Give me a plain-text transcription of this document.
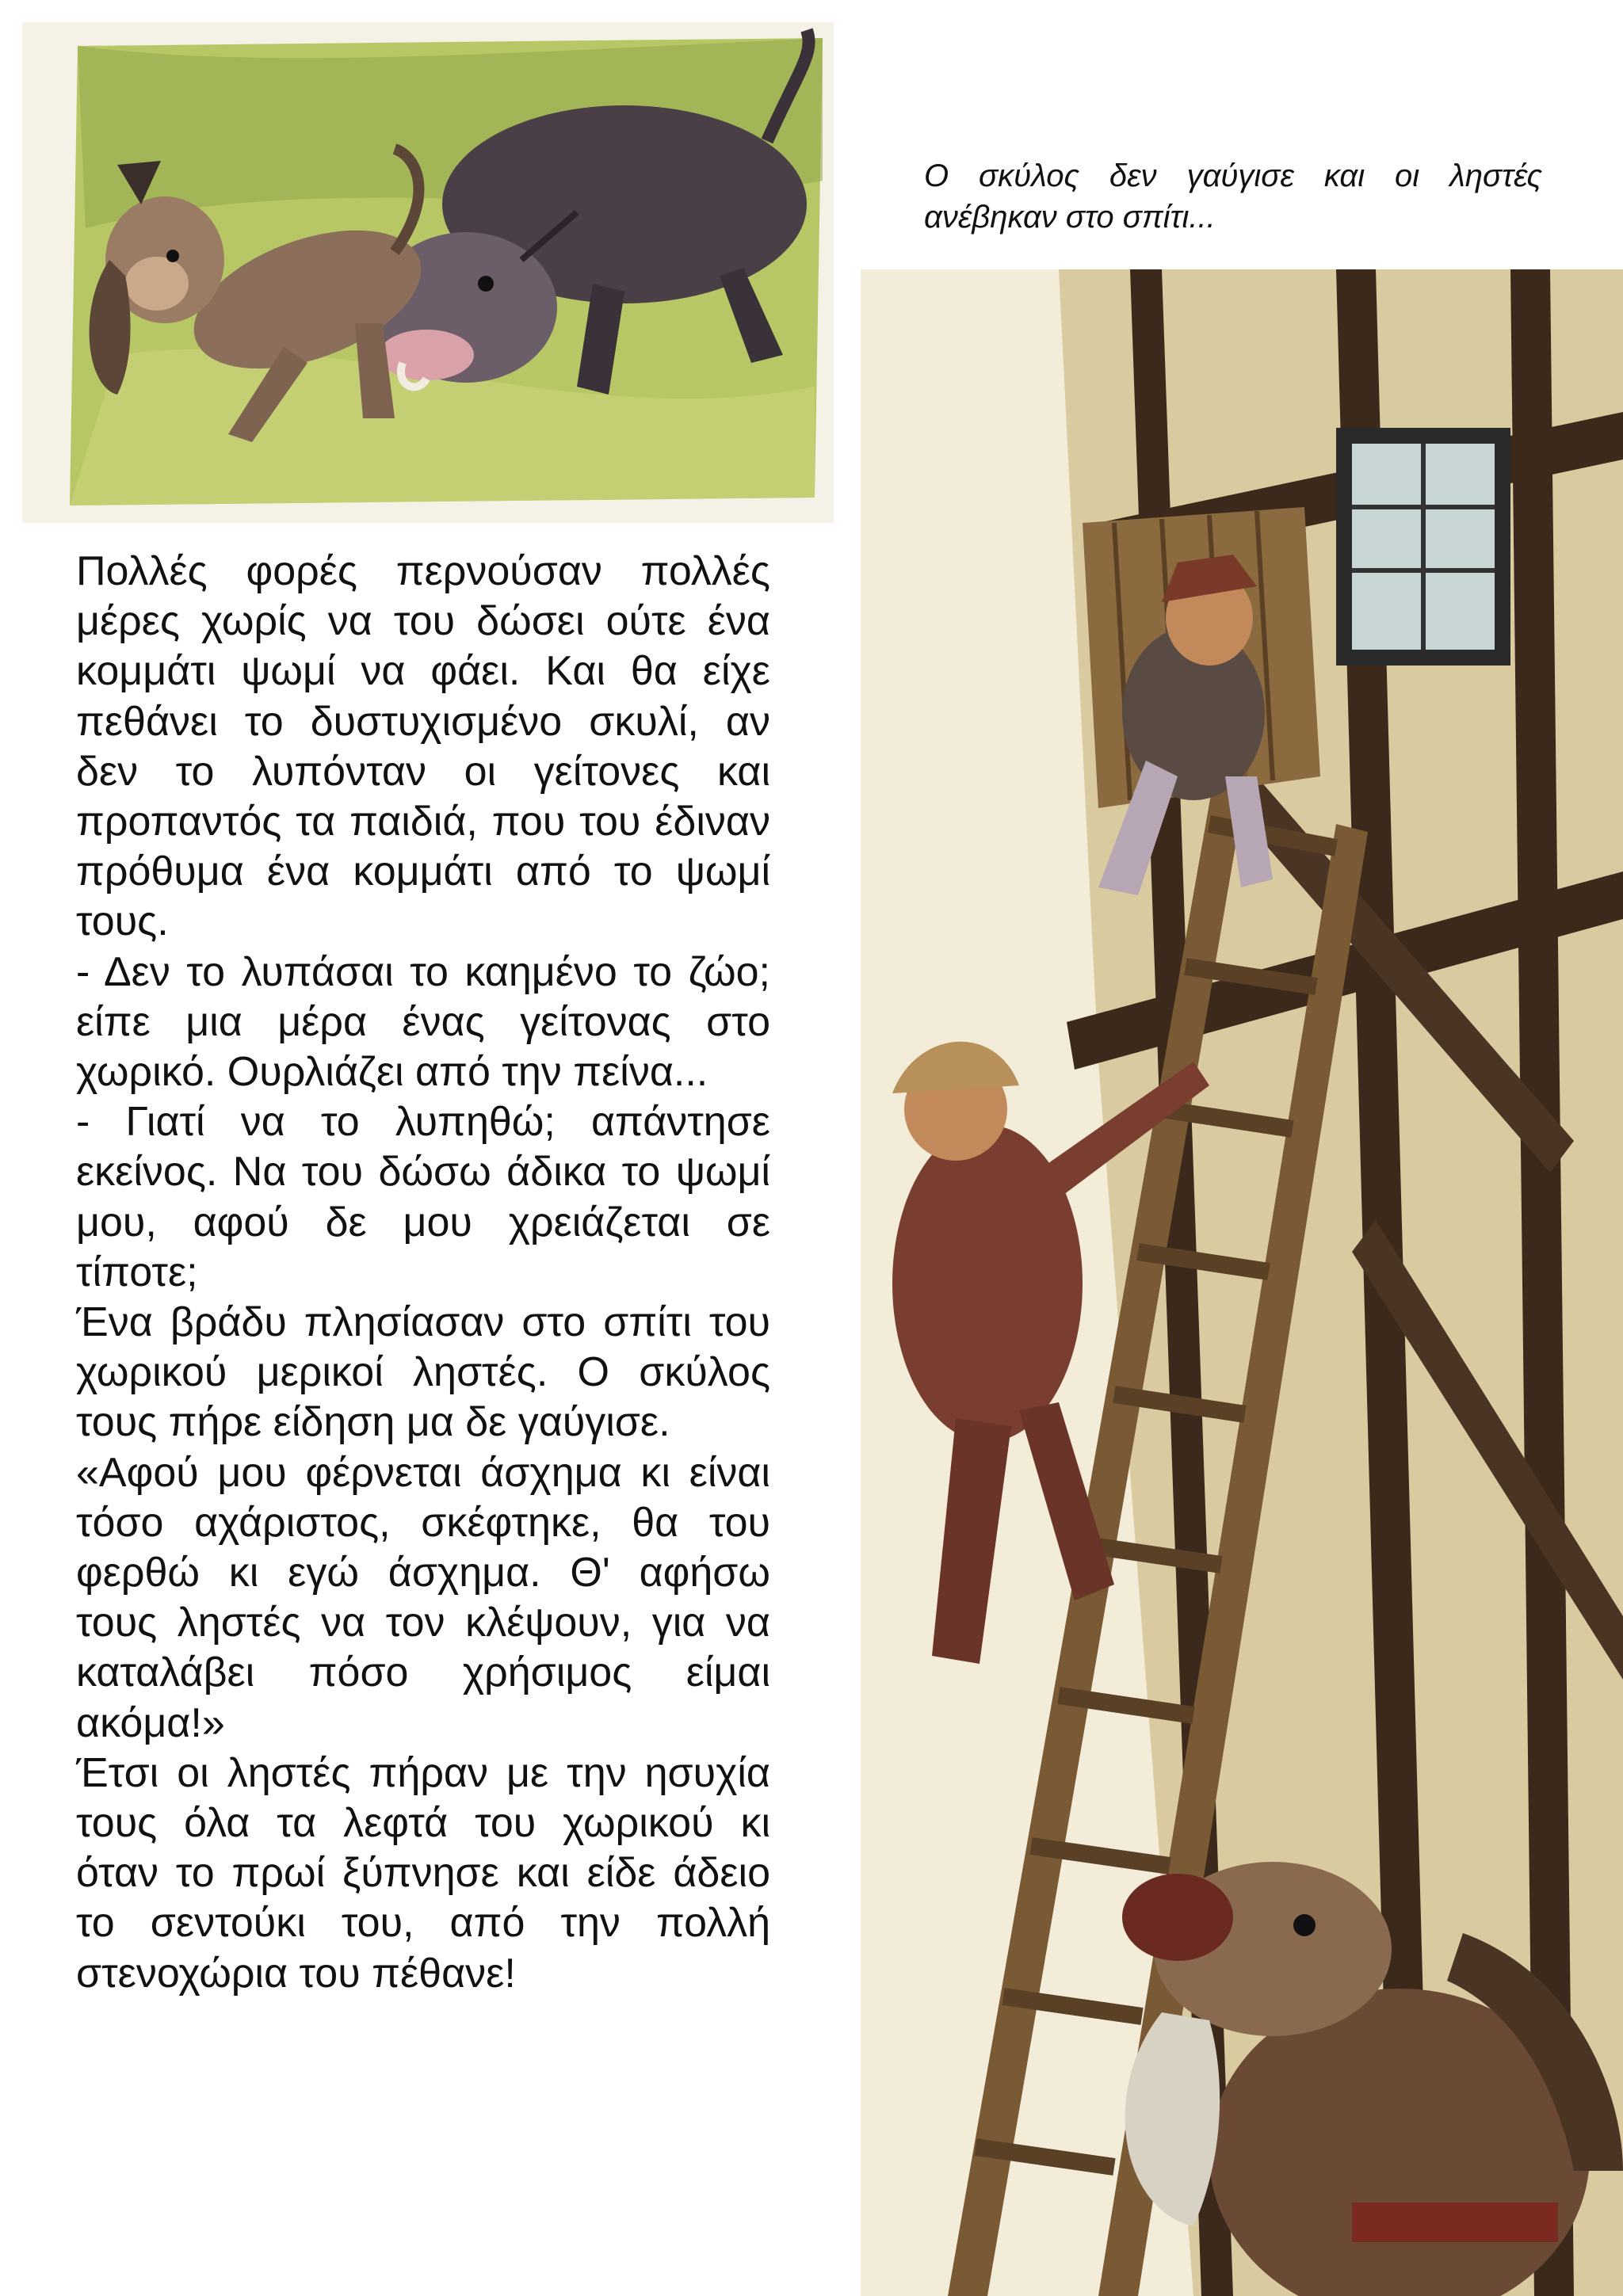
Ο σκύλος δεν γαύγισε και οι ληστές ανέβηκαν στο σπίτι...

Πολλές φορές περνούσαν πολλές μέρες χωρίς να του δώσει ούτε ένα κομμάτι ψωμί να φάει. Και θα είχε πεθάνει το δυστυχισμένο σκυλί, αν δεν το λυπόνταν οι γείτονες και προπαντός τα παιδιά, που του έδιναν πρόθυμα ένα κομμάτι από το ψωμί τους.

- Δεν το λυπάσαι το καημένο το ζώο; είπε μια μέρα ένας γείτονας στο χωρικό. Ουρλιάζει από την πείνα...

- Γιατί να το λυπηθώ; απάντησε εκείνος. Να του δώσω άδικα το ψωμί μου, αφού δε μου χρειάζεται σε τίποτε;

Ένα βράδυ πλησίασαν στο σπίτι του χωρικού μερικοί ληστές. Ο σκύλος τους πήρε είδηση μα δε γαύγισε.

«Αφού μου φέρνεται άσχημα κι είναι τόσο αχάριστος, σκέφτηκε, θα του φερθώ κι εγώ άσχημα. Θ' αφήσω τους ληστές να τον κλέψουν, για να καταλάβει πόσο χρήσιμος είμαι ακόμα!»

Έτσι οι ληστές πήραν με την ησυχία τους όλα τα λεφτά του χωρικού κι όταν το πρωί ξύπνησε και είδε άδειο το σεντούκι του, από την πολλή στενοχώρια του πέθανε!
